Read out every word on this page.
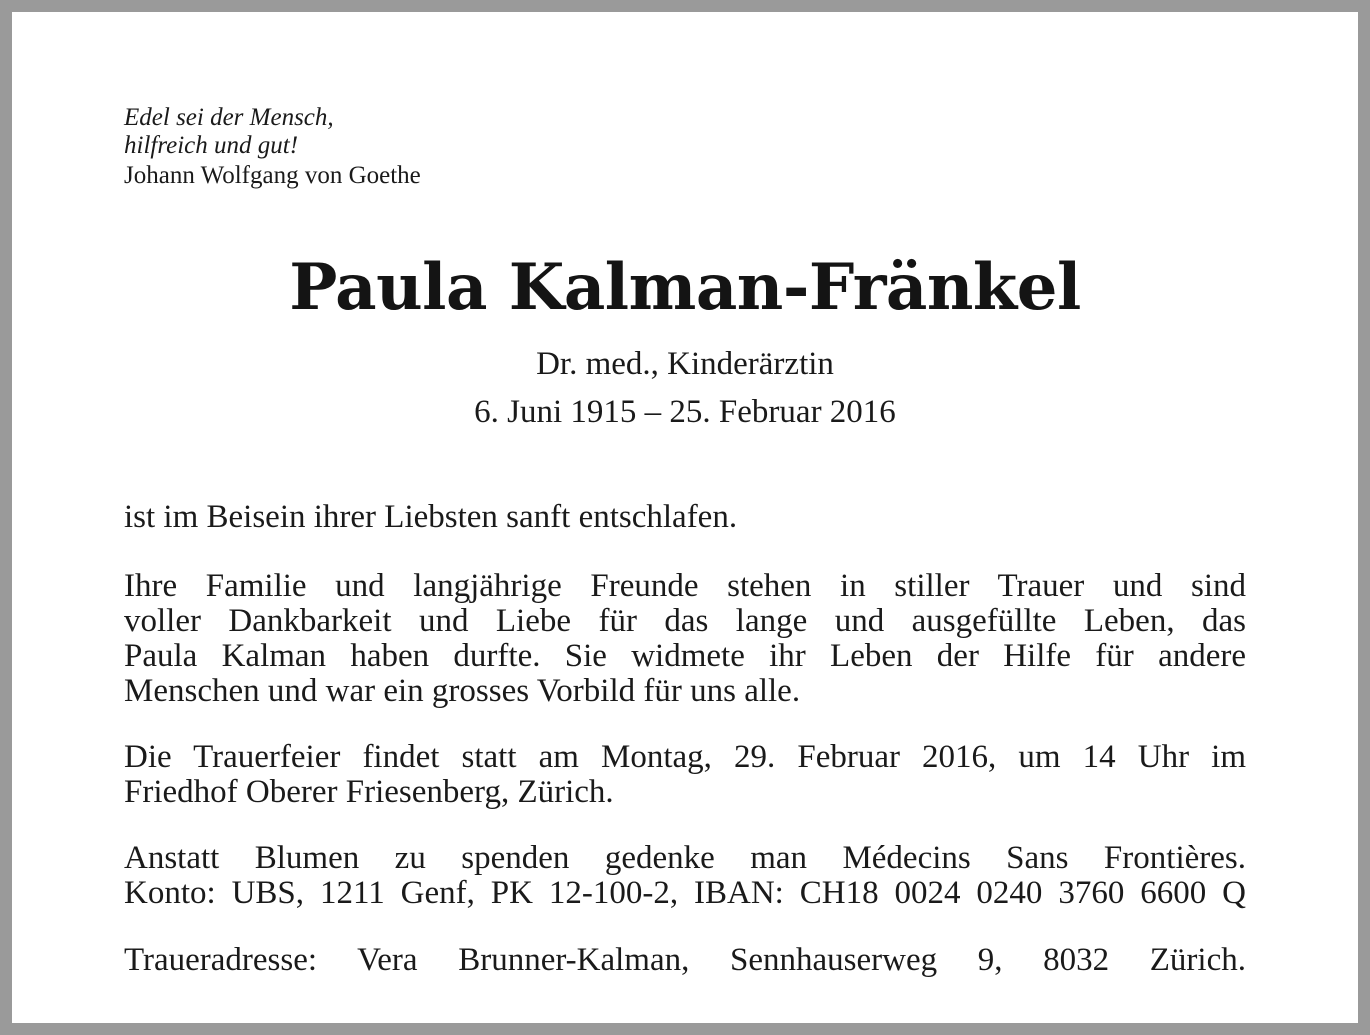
Edel sei der Mensch,
hilfreich und gut!
Johann Wolfgang von Goethe
Paula Kalman-Fränkel
Dr. med., Kinderärztin
6. Juni 1915 – 25. Februar 2016
ist im Beisein ihrer Liebsten sanft entschlafen.
Ihre Familie und langjährige Freunde stehen in stiller Trauer und sind
voller Dankbarkeit und Liebe für das lange und ausgefüllte Leben, das
Paula Kalman haben durfte. Sie widmete ihr Leben der Hilfe für andere
Menschen und war ein grosses Vorbild für uns alle.
Die Trauerfeier findet statt am Montag, 29. Februar 2016, um 14 Uhr im
Friedhof Oberer Friesenberg, Zürich.
Anstatt Blumen zu spenden gedenke man Médecins Sans Frontières.
Konto: UBS, 1211 Genf, PK 12-100-2, IBAN: CH18 0024 0240 3760 6600 Q
Traueradresse: Vera Brunner-Kalman, Sennhauserweg 9, 8032 Zürich.
